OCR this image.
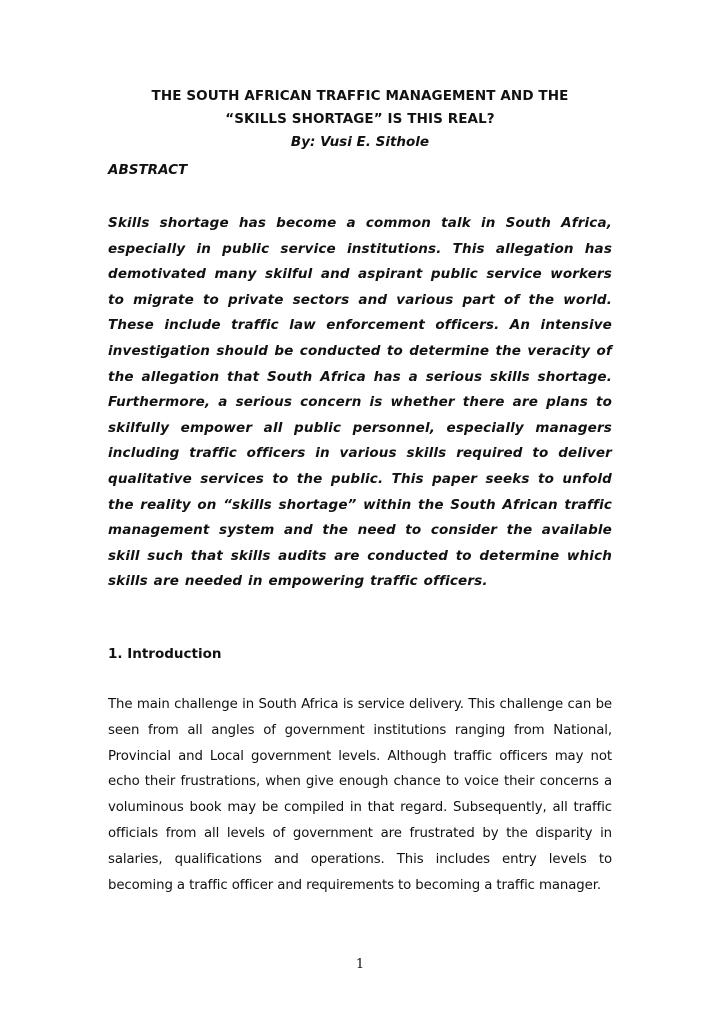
THE SOUTH AFRICAN TRAFFIC MANAGEMENT AND THE
“SKILLS SHORTAGE” IS THIS REAL?
By: Vusi E. Sithole
ABSTRACT

Skills shortage has become a common talk in South Africa, especially in public service institutions. This allegation has demotivated many skilful and aspirant public service workers to migrate to private sectors and various part of the world. These include traffic law enforcement officers. An intensive investigation should be conducted to determine the veracity of the allegation that South Africa has a serious skills shortage. Furthermore, a serious concern is whether there are plans to skilfully empower all public personnel, especially managers including traffic officers in various skills required to deliver qualitative services to the public. This paper seeks to unfold the reality on “skills shortage” within the South African traffic management system and the need to consider the available skill such that skills audits are conducted to determine which skills are needed in empowering traffic officers.

1. Introduction

The main challenge in South Africa is service delivery. This challenge can be seen from all angles of government institutions ranging from National, Provincial and Local government levels. Although traffic officers may not echo their frustrations, when give enough chance to voice their concerns a voluminous book may be compiled in that regard. Subsequently, all traffic officials from all levels of government are frustrated by the disparity in salaries, qualifications and operations. This includes entry levels to becoming a traffic officer and requirements to becoming a traffic manager.

1
